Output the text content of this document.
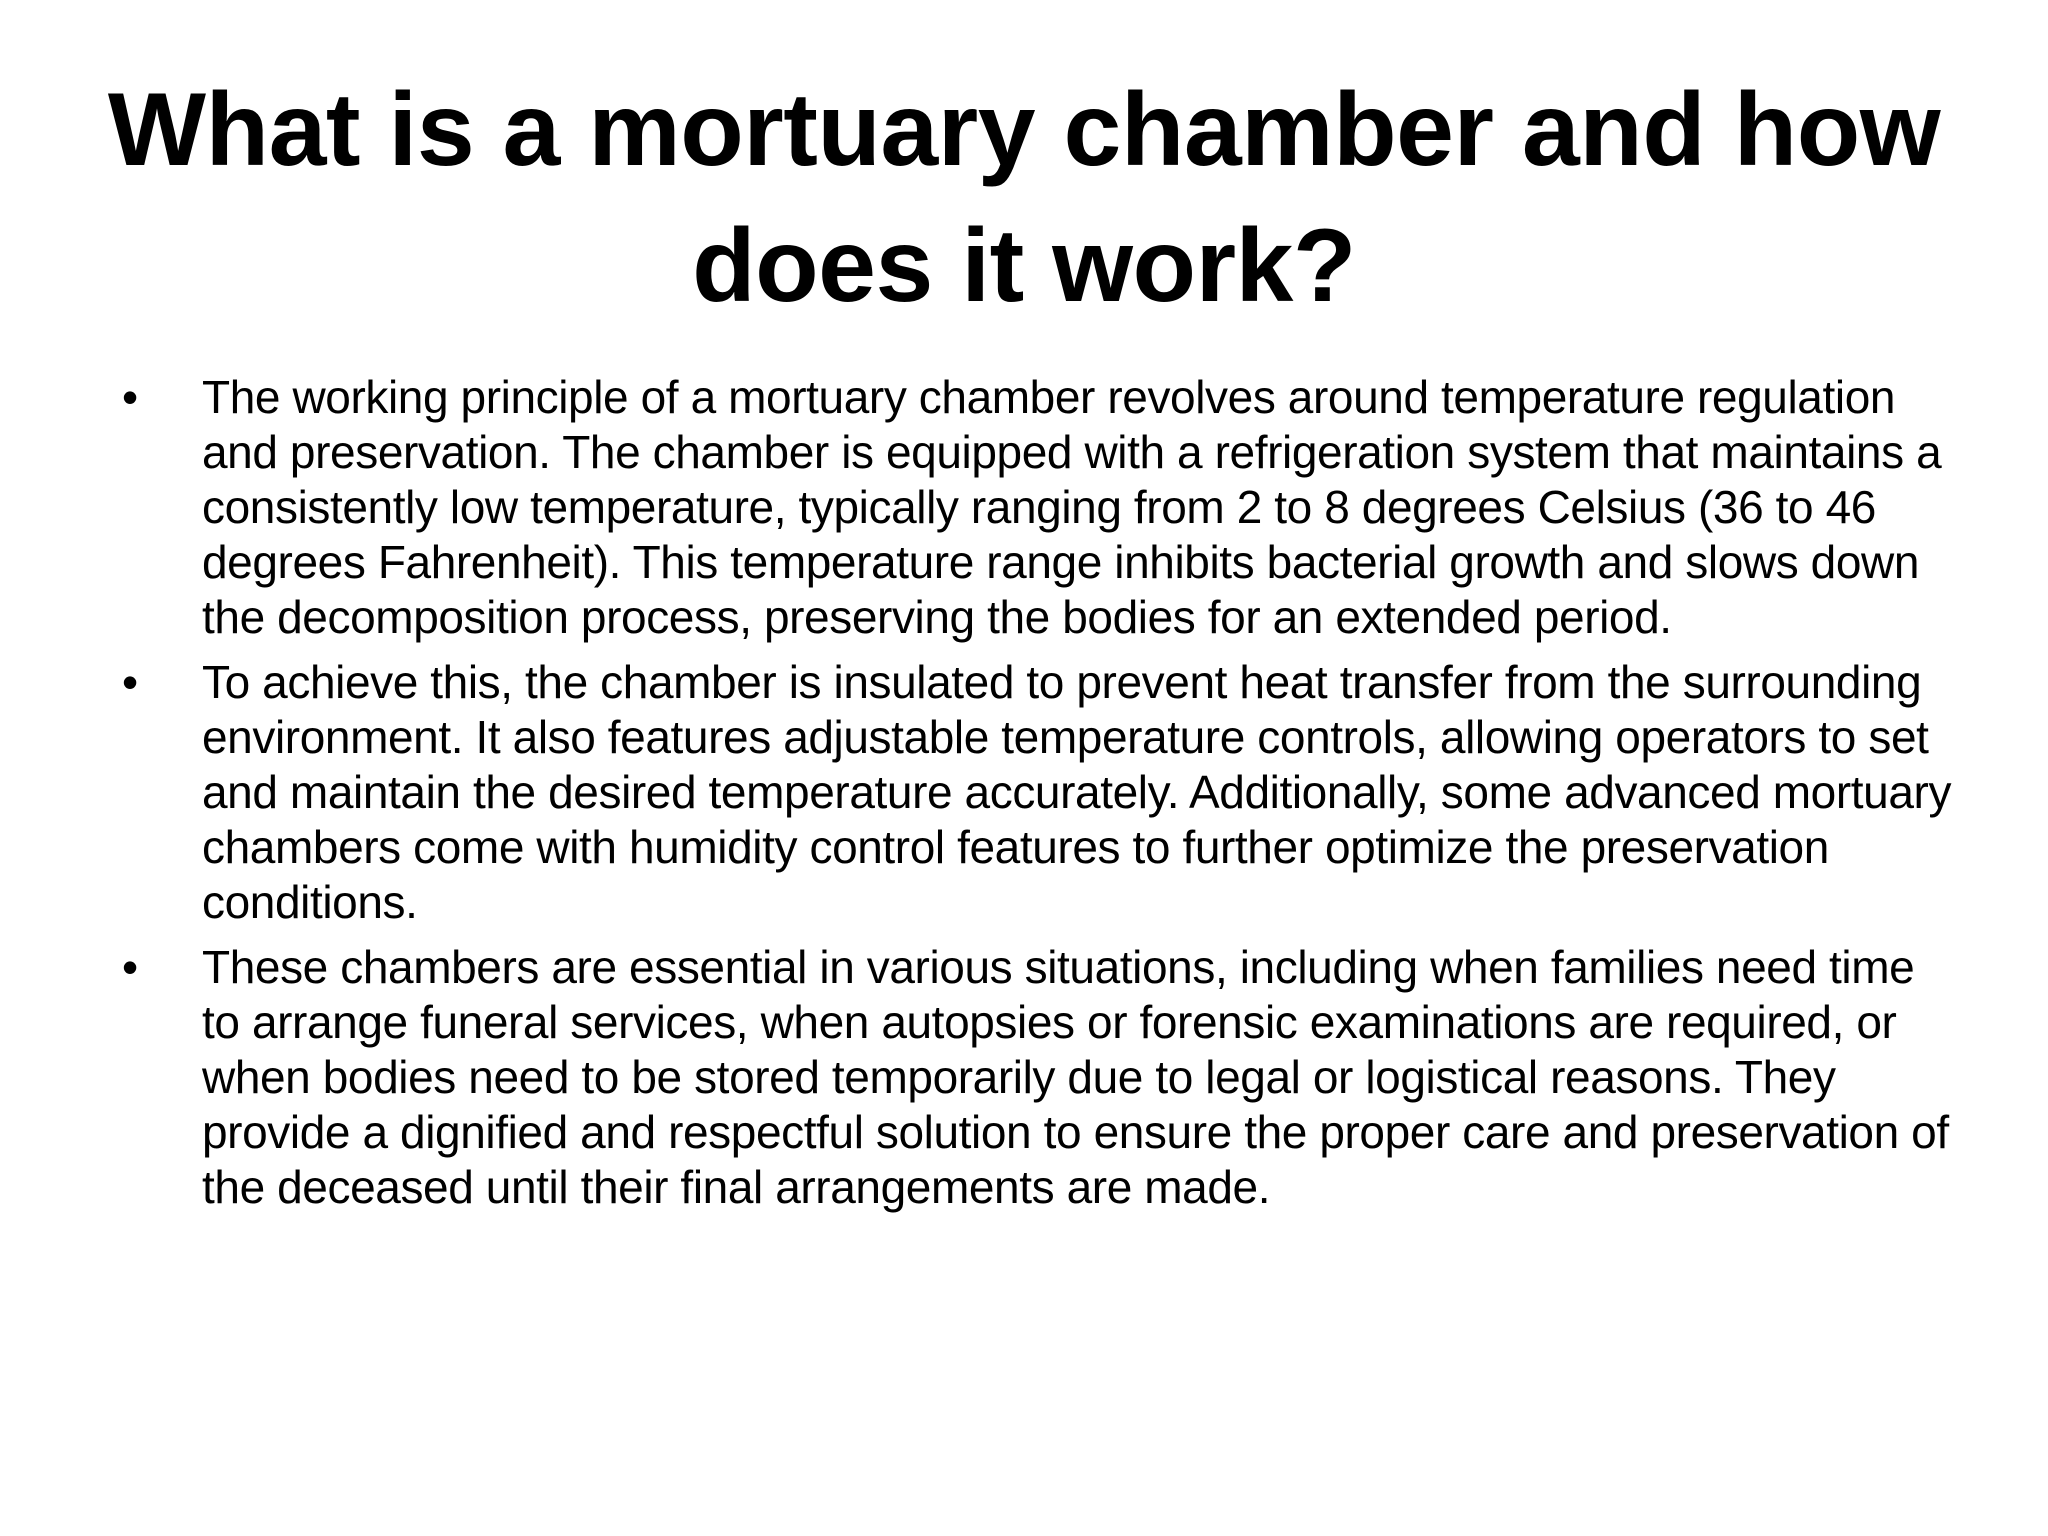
What is a mortuary chamber and how does it work?
•	The working principle of a mortuary chamber revolves around temperature regulation and preservation. The chamber is equipped with a refrigeration system that maintains a consistently low temperature, typically ranging from 2 to 8 degrees Celsius (36 to 46 degrees Fahrenheit). This temperature range inhibits bacterial growth and slows down the decomposition process, preserving the bodies for an extended period.
•	To achieve this, the chamber is insulated to prevent heat transfer from the surrounding environment. It also features adjustable temperature controls, allowing operators to set and maintain the desired temperature accurately. Additionally, some advanced mortuary chambers come with humidity control features to further optimize the preservation conditions.
•	These chambers are essential in various situations, including when families need time to arrange funeral services, when autopsies or forensic examinations are required, or when bodies need to be stored temporarily due to legal or logistical reasons. They provide a dignified and respectful solution to ensure the proper care and preservation of the deceased until their final arrangements are made.
